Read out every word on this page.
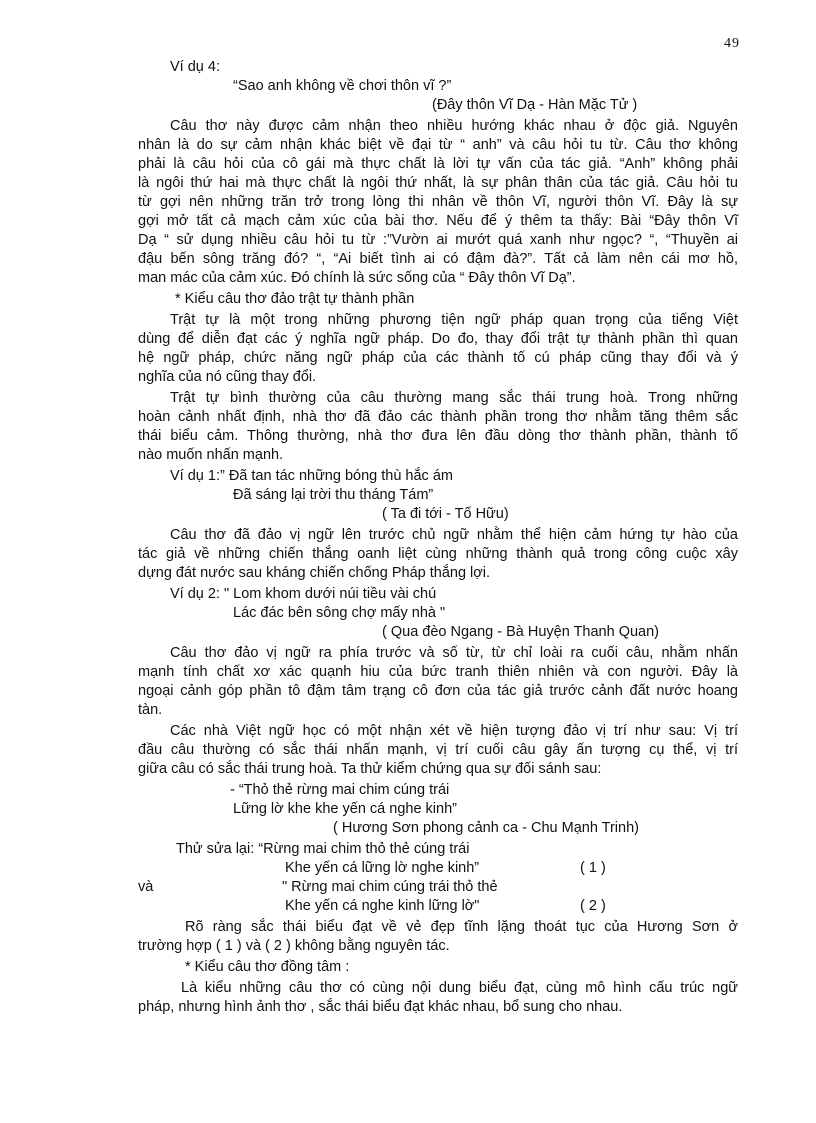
49
Ví dụ 4:
“Sao anh không về chơi thôn vĩ ?”
(Đây thôn Vĩ Dạ - Hàn Mặc Tử )
Câu thơ này được cảm nhận theo nhiều hướng khác nhau ở độc giả. Nguyên
nhân là do sự cảm nhận khác biệt về đại từ “ anh” và câu hỏi tu từ. Câu thơ không
phải là câu hỏi của cô gái mà thực chất là lời tự vấn của tác giả. “Anh” không phải
là ngôi thứ hai mà thực chất là ngôi thứ nhất, là sự phân thân của tác giả. Câu hỏi tu
từ gợi nên những trăn trở trong lòng thi nhân về thôn Vĩ, người thôn Vĩ. Đây là sự
gợi mở tất cả mạch cảm xúc của bài thơ. Nếu để ý thêm ta thấy: Bài “Đây thôn Vĩ
Dạ “ sử dụng nhiều câu hỏi tu từ :”Vườn ai mướt quá xanh như ngọc? “, “Thuyền ai
đậu bến sông trăng đó? “, “Ai biết tình ai có đậm đà?”. Tất cả làm nên cái mơ hồ,
man mác của cảm xúc. Đó chính là sức sống của “ Đây thôn Vĩ Dạ”.
* Kiểu câu thơ đảo trật tự thành phần
Trật tự là một trong những phương tiện ngữ pháp quan trọng của tiếng Việt
dùng để diễn đạt các ý nghĩa ngữ pháp. Do đo, thay đổi trật tự thành phần thì quan
hệ ngữ pháp, chức năng ngữ pháp của các thành tố cú pháp cũng thay đổi và ý
nghĩa của nó cũng thay đổi.
Trật tự bình thường của câu thường mang sắc thái trung hoà. Trong những
hoàn cảnh nhất định, nhà thơ đã đảo các thành phần trong thơ nhằm tăng thêm sắc
thái biểu cảm. Thông thường, nhà thơ đưa lên đầu dòng thơ thành phần, thành tố
nào muốn nhấn mạnh.
Ví dụ 1:” Đã tan tác những bóng thù hắc ám
Đã sáng lại trời thu tháng Tám”
( Ta đi tới - Tố Hữu)
Câu thơ đã đảo vị ngữ lên trước chủ ngữ nhằm thể hiện cảm hứng tự hào của
tác giả về những chiến thắng oanh liệt cùng những thành quả trong công cuộc xây
dựng đát nước sau kháng chiến chống Pháp thắng lợi.
Ví dụ 2: " Lom khom dưới núi tiều vài chú
Lác đác bên sông chợ mấy nhà "
( Qua đèo Ngang - Bà Huyện Thanh Quan)
Câu thơ đảo vị ngữ ra phía trước và số từ, từ chỉ loài ra cuối câu, nhằm nhấn
mạnh tính chất xơ xác quạnh hiu của bức tranh thiên nhiên và con người. Đây là
ngoại cảnh góp phần tô đậm tâm trạng cô đơn của tác giả trước cảnh đất nước hoang
tàn.
Các nhà Việt ngữ học có một nhận xét về hiện tượng đảo vị trí như sau: Vị trí
đầu câu thường có sắc thái nhấn mạnh, vị trí cuối câu gây ấn tượng cụ thể, vị trí
giữa câu có sắc thái trung hoà. Ta thử kiểm chứng qua sự đối sánh sau:
- “Thỏ thẻ rừng mai chim cúng trái
Lững lờ khe khe yến cá nghe kinh”
( Hương Sơn phong cảnh ca - Chu Mạnh Trinh)
Thử sửa lại: “Rừng mai chim thỏ thẻ cúng trái
Khe yến cá lững lờ nghe kinh”	( 1 )
và	" Rừng mai chim cúng trái thỏ thẻ
Khe yến cá nghe kinh lững lờ"	( 2 )
Rõ ràng sắc thái biểu đạt về vẻ đẹp tĩnh lặng thoát tục của Hương Sơn ở
trường hợp ( 1 ) và ( 2 ) không bằng nguyên tác.
* Kiểu câu thơ đồng tâm :
Là kiểu những câu thơ có cùng nội dung biểu đạt, cùng mô hình cấu trúc ngữ
pháp, nhưng hình ảnh thơ , sắc thái biểu đạt khác nhau, bổ sung cho nhau.
